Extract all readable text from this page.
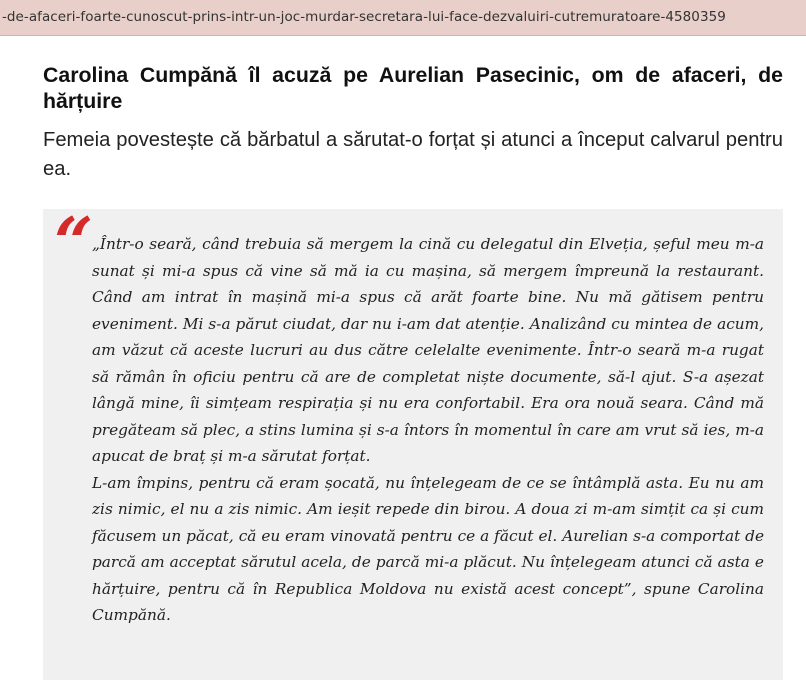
-de-afaceri-foarte-cunoscut-prins-intr-un-joc-murdar-secretara-lui-face-dezvaluiri-cutremuratoare-4580359
Carolina Cumpănă îl acuză pe Aurelian Pasecinic, om de afaceri, de hărțuire

Femeia povestește că bărbatul a sărutat-o forțat și atunci a început calvarul pentru ea.

“

„Într-o seară, când trebuia să mergem la cină cu delegatul din Elveția, șeful meu m-a sunat și mi-a spus că vine să mă ia cu mașina, să mergem împreună la restaurant. Când am intrat în mașină mi-a spus că arăt foarte bine. Nu mă gătisem pentru eveniment. Mi s-a părut ciudat, dar nu i-am dat atenție. Analizând cu mintea de acum, am văzut că aceste lucruri au dus către celelalte evenimente. Într-o seară m-a rugat să rămân în oficiu pentru că are de completat niște documente, să-l ajut. S-a așezat lângă mine, îi simțeam respirația și nu era confortabil. Era ora nouă seara. Când mă pregăteam să plec, a stins lumina și s-a întors în momentul în care am vrut să ies, m-a apucat de braț și m-a sărutat forțat.

L-am împins, pentru că eram șocată, nu înțelegeam de ce se întâmplă asta. Eu nu am zis nimic, el nu a zis nimic. Am ieșit repede din birou. A doua zi m-am simțit ca și cum făcusem un păcat, că eu eram vinovată pentru ce a făcut el. Aurelian s-a comportat de parcă am acceptat sărutul acela, de parcă mi-a plăcut. Nu înțelegeam atunci că asta e hărțuire, pentru că în Republica Moldova nu există acest concept”, spune Carolina Cumpănă.
